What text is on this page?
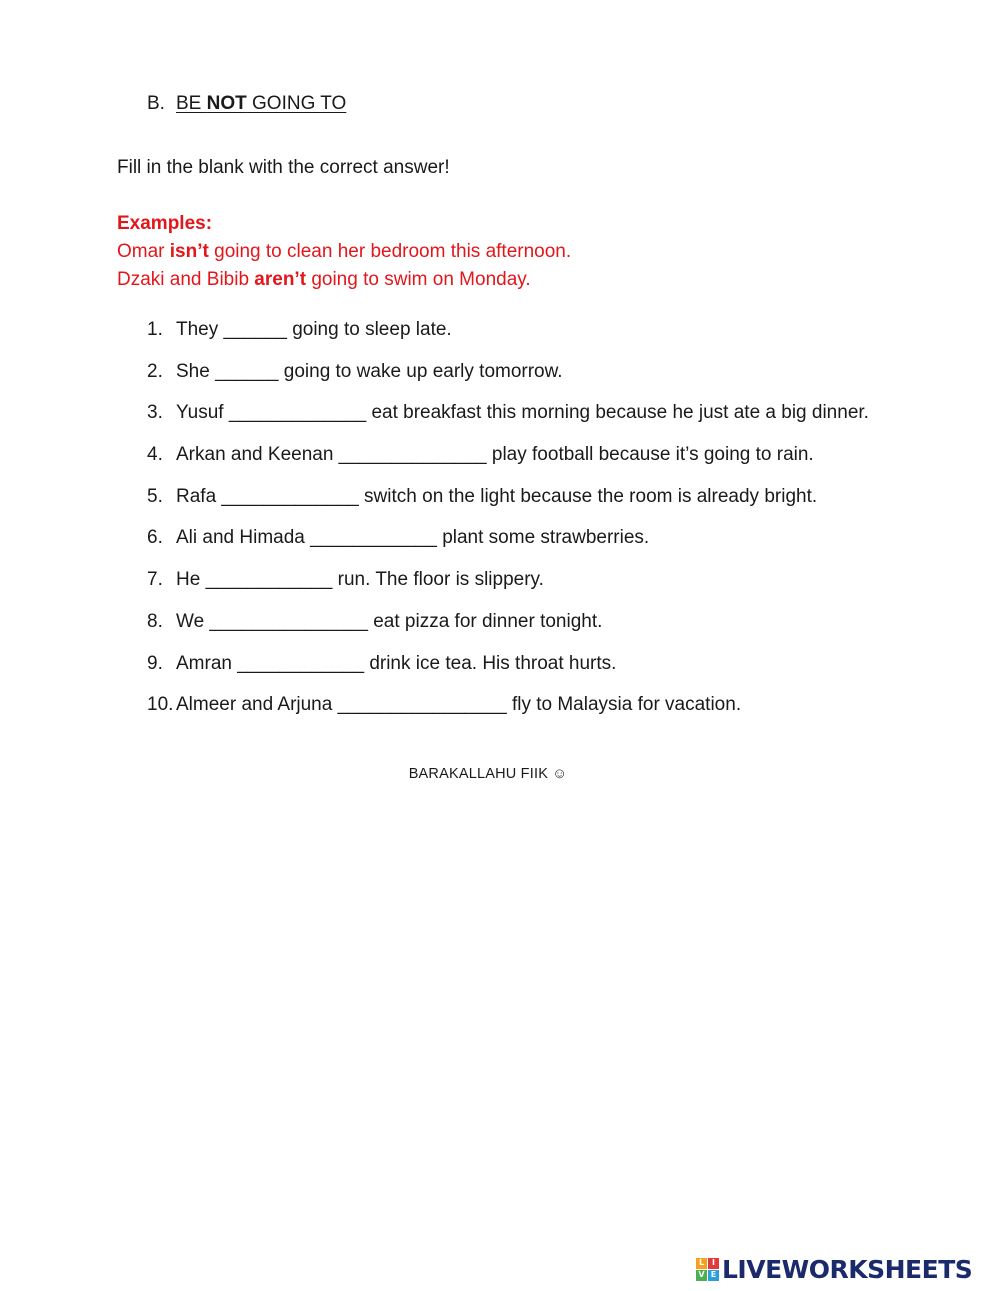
B. BE NOT GOING TO
Fill in the blank with the correct answer!
Examples:
Omar isn’t going to clean her bedroom this afternoon.
Dzaki and Bibib aren’t going to swim on Monday.
1. They ______ going to sleep late.
2. She ______ going to wake up early tomorrow.
3. Yusuf _____________ eat breakfast this morning because he just ate a big dinner.
4. Arkan and Keenan ______________ play football because it’s going to rain.
5. Rafa _____________ switch on the light because the room is already bright.
6. Ali and Himada ____________ plant some strawberries.
7. He ____________ run. The floor is slippery.
8. We _______________ eat pizza for dinner tonight.
9. Amran ____________ drink ice tea. His throat hurts.
10. Almeer and Arjuna ________________ fly to Malaysia for vacation.
BARAKALLAHU FIIK ☺
L I
V E LIVEWORKSHEETS
